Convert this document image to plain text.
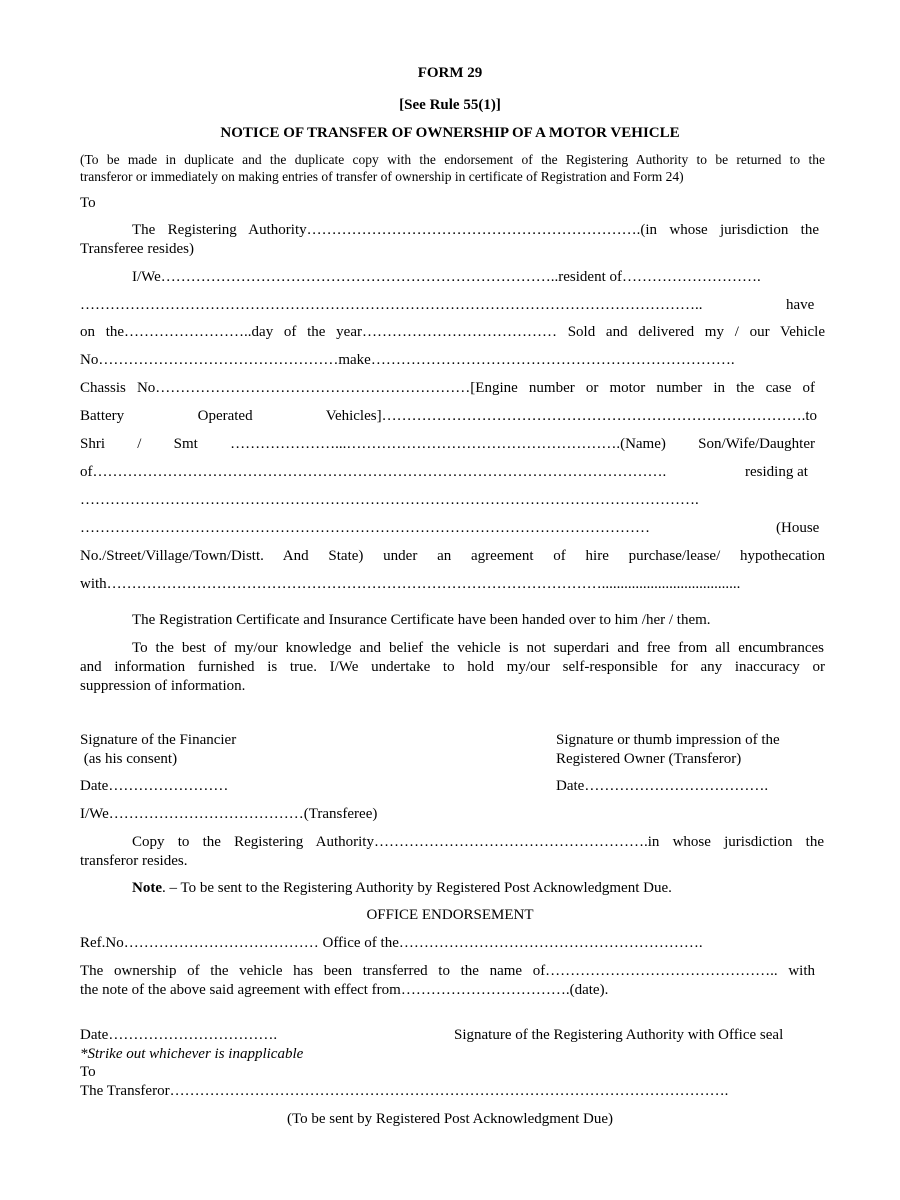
FORM 29
[See Rule 55(1)]
NOTICE OF TRANSFER OF OWNERSHIP OF A MOTOR VEHICLE
(To be made in duplicate and the duplicate copy with the endorsement of the Registering Authority to be returned to the
transferor or immediately on making entries of transfer of ownership in certificate of Registration and Form 24)
To
The Registering Authority………………………………………………………….(in whose jurisdiction the
Transferee resides)
I/We……………………………………………………………………..resident of……………………….
……………………………………………………………………………………………………………..	have
on the……………………..day of the year………………………………… Sold and delivered my / our Vehicle
No…………………………………………make……………………………………………………………….
Chassis No………………………………………………………[Engine number or motor number in the case of
Battery Operated Vehicles]………………………………………………………………………….to
Shri / Smt …………………...……………………………………………….(Name) Son/Wife/Daughter
of…………………………………………………………………………………………………….	residing at
…………………………………………………………………………………………………………….
……………………………………………………………………………………………………	(House
No./Street/Village/Town/Distt. And State) under an agreement of hire purchase/lease/ hypothecation
with……………………………………………………………………………………….....................................
The Registration Certificate and Insurance Certificate have been handed over to him /her / them.
To the best of my/our knowledge and belief the vehicle is not superdari and free from all encumbrances
and information furnished is true. I/We undertake to hold my/our self-responsible for any inaccuracy or
suppression of information.
Signature of the Financier
(as his consent)
Date……………………
Signature or thumb impression of the
Registered Owner (Transferor)
Date……………………………….
I/We…………………………………(Transferee)
Copy to the Registering Authority……………………………………………….in whose jurisdiction the
transferor resides.
Note. – To be sent to the Registering Authority by Registered Post Acknowledgment Due.
OFFICE ENDORSEMENT
Ref.No………………………………… Office of the…………………………………………………….
The ownership of the vehicle has been transferred to the name of……………………………………….. with
the note of the above said agreement with effect from…………………………….(date).
Date…………………………….	Signature of the Registering Authority with Office seal
*Strike out whichever is inapplicable
To
The Transferor………………………………………………………………………………………………….
(To be sent by Registered Post Acknowledgment Due)
